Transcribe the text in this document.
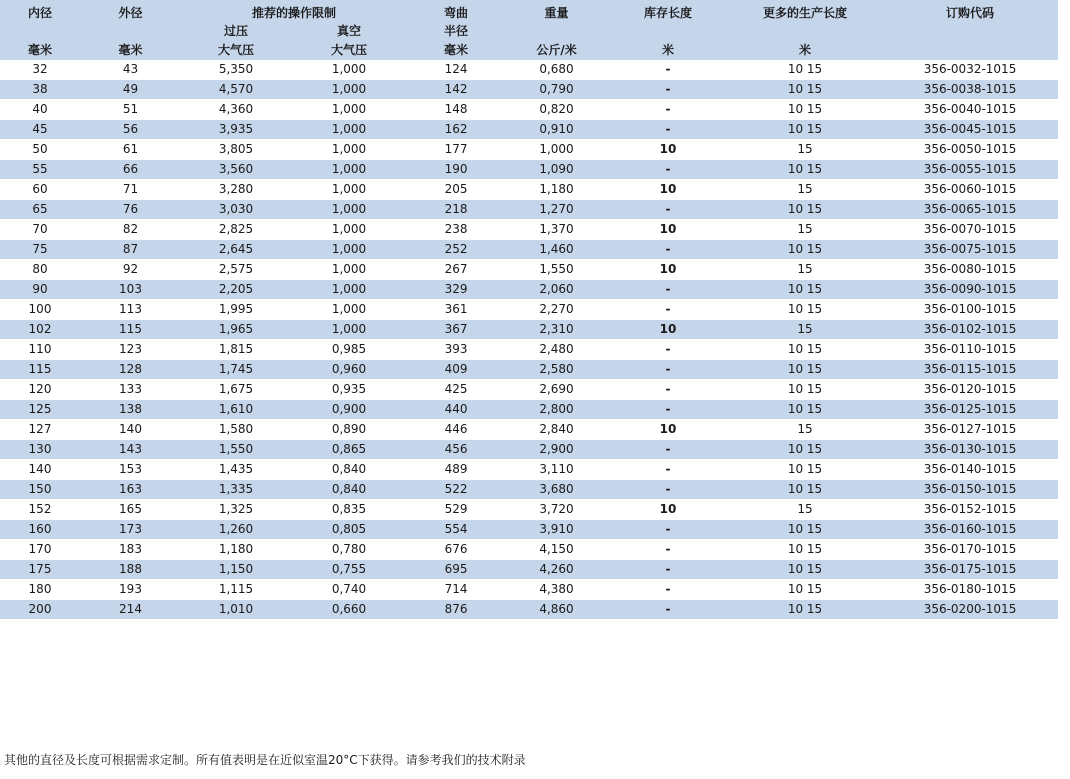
内径	外径	推荐的操作限制		弯曲	重量	库存长度	更多的生产长度	订购代码
		过压	真空	半径				
毫米	毫米	大气压	大气压	毫米	公斤/米	米	米	
32	43	5,350	1,000	124	0,680	-	10 15	356-0032-1015
38	49	4,570	1,000	142	0,790	-	10 15	356-0038-1015
40	51	4,360	1,000	148	0,820	-	10 15	356-0040-1015
45	56	3,935	1,000	162	0,910	-	10 15	356-0045-1015
50	61	3,805	1,000	177	1,000	10	15	356-0050-1015
55	66	3,560	1,000	190	1,090	-	10 15	356-0055-1015
60	71	3,280	1,000	205	1,180	10	15	356-0060-1015
65	76	3,030	1,000	218	1,270	-	10 15	356-0065-1015
70	82	2,825	1,000	238	1,370	10	15	356-0070-1015
75	87	2,645	1,000	252	1,460	-	10 15	356-0075-1015
80	92	2,575	1,000	267	1,550	10	15	356-0080-1015
90	103	2,205	1,000	329	2,060	-	10 15	356-0090-1015
100	113	1,995	1,000	361	2,270	-	10 15	356-0100-1015
102	115	1,965	1,000	367	2,310	10	15	356-0102-1015
110	123	1,815	0,985	393	2,480	-	10 15	356-0110-1015
115	128	1,745	0,960	409	2,580	-	10 15	356-0115-1015
120	133	1,675	0,935	425	2,690	-	10 15	356-0120-1015
125	138	1,610	0,900	440	2,800	-	10 15	356-0125-1015
127	140	1,580	0,890	446	2,840	10	15	356-0127-1015
130	143	1,550	0,865	456	2,900	-	10 15	356-0130-1015
140	153	1,435	0,840	489	3,110	-	10 15	356-0140-1015
150	163	1,335	0,840	522	3,680	-	10 15	356-0150-1015
152	165	1,325	0,835	529	3,720	10	15	356-0152-1015
160	173	1,260	0,805	554	3,910	-	10 15	356-0160-1015
170	183	1,180	0,780	676	4,150	-	10 15	356-0170-1015
175	188	1,150	0,755	695	4,260	-	10 15	356-0175-1015
180	193	1,115	0,740	714	4,380	-	10 15	356-0180-1015
200	214	1,010	0,660	876	4,860	-	10 15	356-0200-1015
其他的直径及长度可根据需求定制。所有值表明是在近似室温20°C下获得。请参考我们的技术附录
